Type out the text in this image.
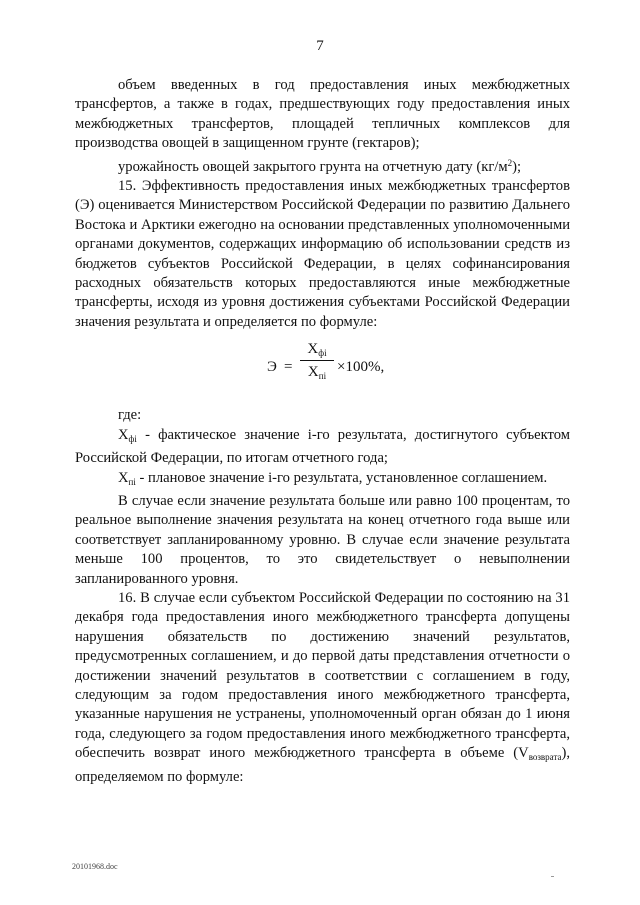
7

объем введенных в год предоставления иных межбюджетных

трансфертов, а также в годах, предшествующих году предоставления иных

межбюджетных трансфертов, площадей тепличных комплексов для

производства овощей в защищенном грунте (гектаров);

урожайность овощей закрытого грунта на отчетную дату $(кг/м^2)$;

15. Эффективность предоставления иных межбюджетных трансфертов (Э) оценивается Министерством Российской Федерации по развитию Дальнего Востока и Арктики ежегодно на основании представленных уполномоченными органами документов, содержащих информацию об использовании средств из бюджетов субъектов Российской Федерации, в целях софинансирования расходных обязательств которых предоставляются иные межбюджетные трансферты, исходя из уровня достижения субъектами Российской Федерации значения результата и определяется по формуле:

Э =
$X_{фi}$
$X_{пi}$
×100%,

где:

$X_{фi}$ - фактическое значение i-го результата, достигнутого субъектом Российской Федерации, по итогам отчетного года;

$X_{пi}$ - плановое значение i-го результата, установленное соглашением.

В случае если значение результата больше или равно 100 процентам, то реальное выполнение значения результата на конец отчетного года выше или соответствует запланированному уровню. В случае если значение результата меньше 100 процентов, то это свидетельствует о невыполнении запланированного уровня.

16. В случае если субъектом Российской Федерации по состоянию на 31 декабря года предоставления иного межбюджетного трансферта допущены нарушения обязательств по достижению значений результатов, предусмотренных соглашением, и до первой даты представления отчетности о достижении значений результатов в соответствии с соглашением в году, следующим за годом предоставления иного межбюджетного трансферта, указанные нарушения не устранены, уполномоченный орган обязан до 1 июня года, следующего за годом предоставления иного межбюджетного трансферта, обеспечить возврат иного межбюджетного трансферта в объеме $(V_{возврата})$, определяемом по формуле:

20101968.doc
